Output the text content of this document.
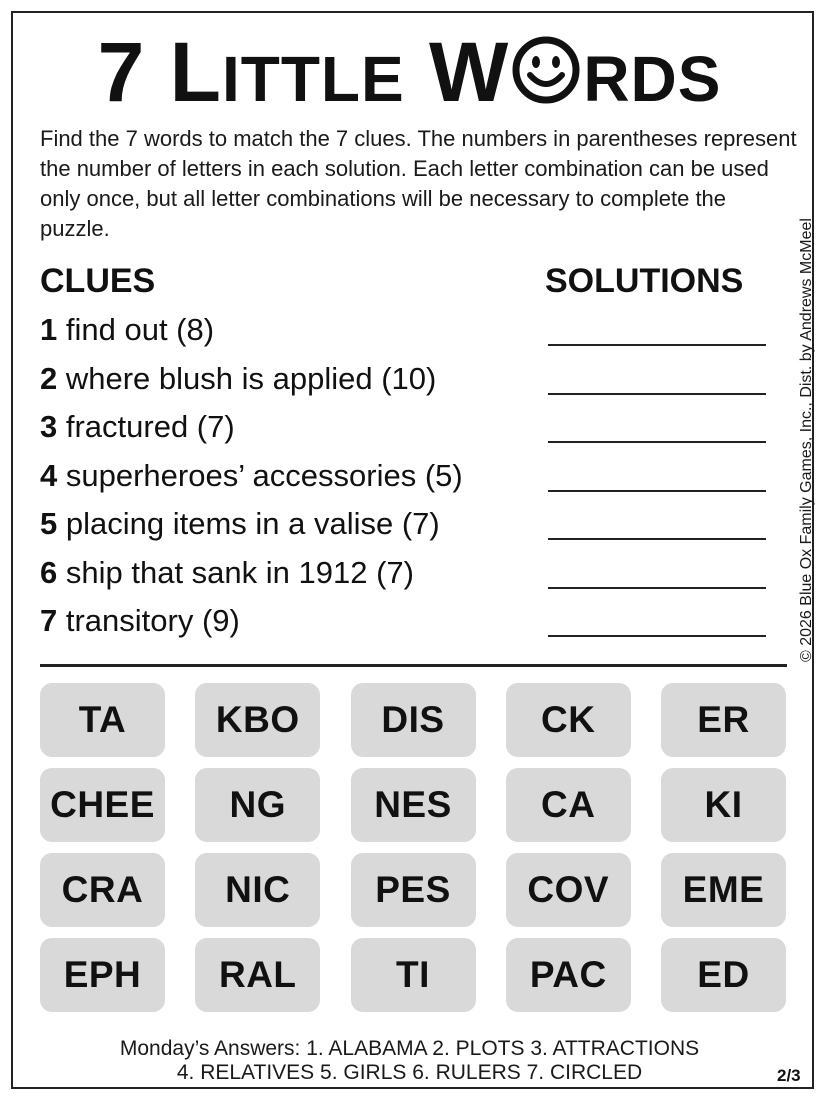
7 LITTLE W RDS
Find the 7 words to match the 7 clues. The numbers in parentheses represent the number of letters in each solution. Each letter combination can be used only once, but all letter combinations will be necessary to complete the puzzle.	© 2026 Blue Ox Family Games, Inc., Dist. by Andrews McMeel
CLUES	SOLUTIONS
1 find out (8)
2 where blush is applied (10)
3 fractured (7)
4 superheroes’ accessories (5)
5 placing items in a valise (7)
6 ship that sank in 1912 (7)
7 transitory (9)
TA	KBO	DIS	CK	ER
CHEE	NG	NES	CA	KI
CRA	NIC	PES	COV	EME
EPH	RAL	TI	PAC	ED
Monday’s Answers: 1. ALABAMA 2. PLOTS 3. ATTRACTIONS
4. RELATIVES 5. GIRLS 6. RULERS 7. CIRCLED	2/3
